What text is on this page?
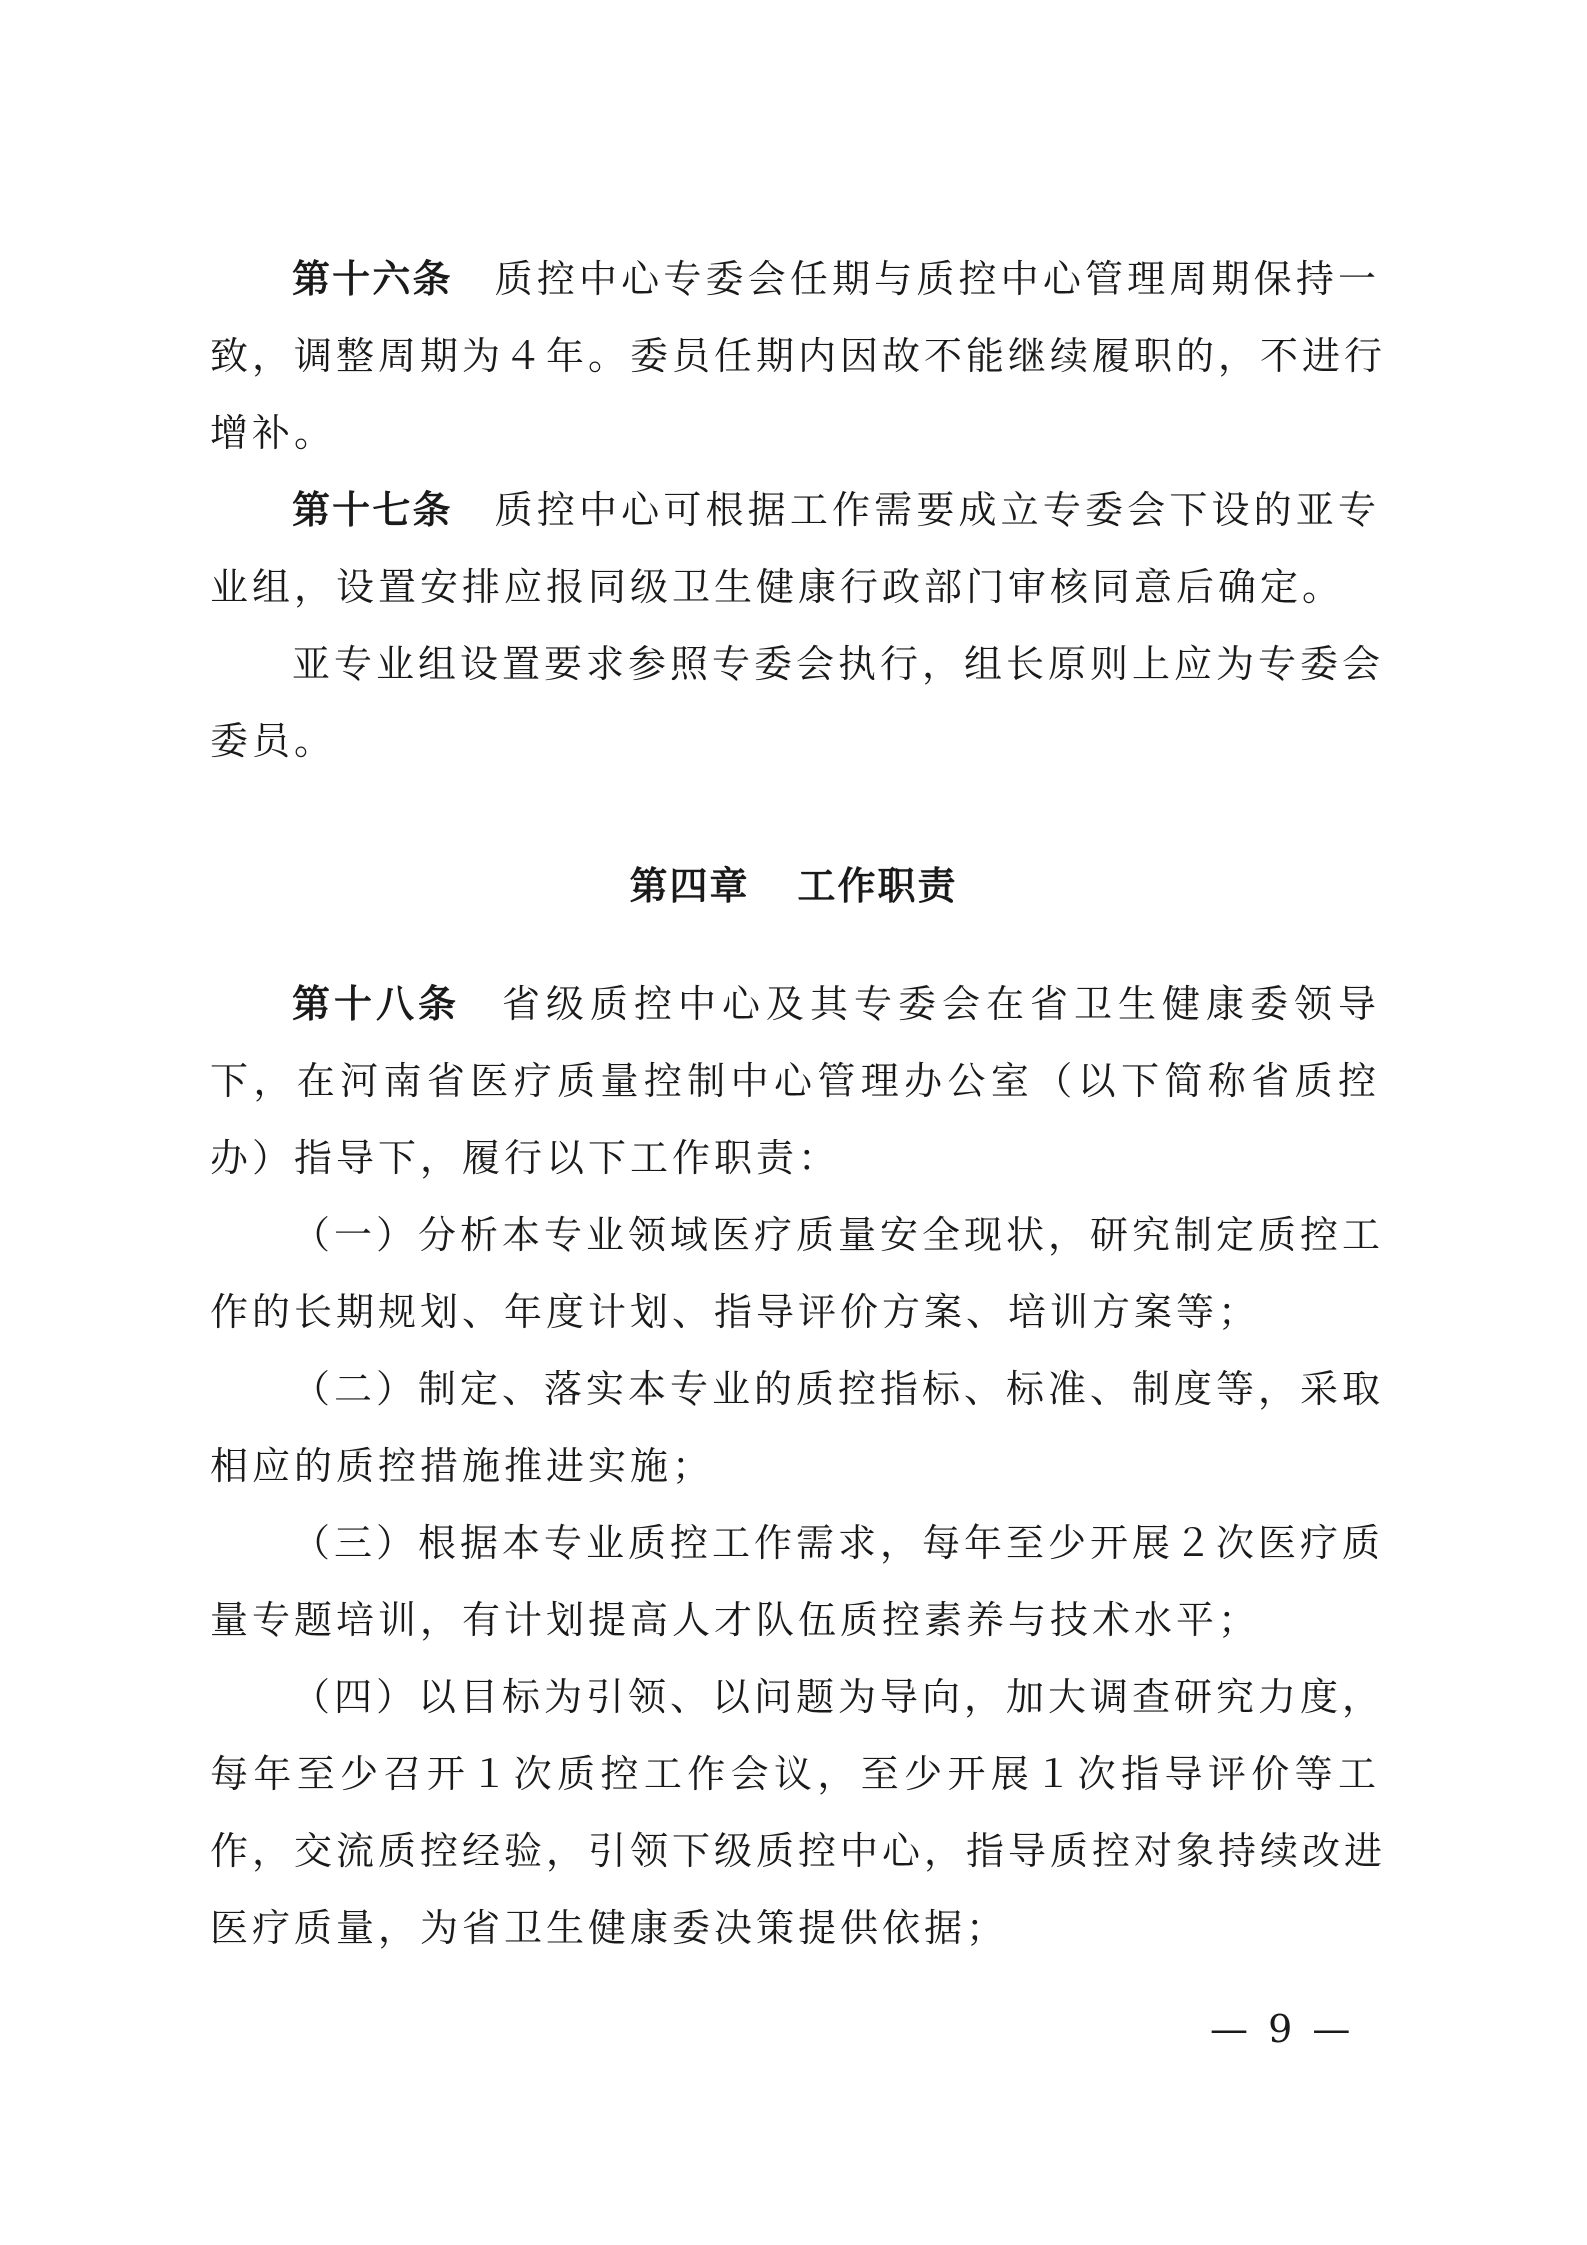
第十六条 质控中心专委会任期与质控中心管理周期保持一
致，调整周期为４年。委员任期内因故不能继续履职的，不进行
增补。
第十七条 质控中心可根据工作需要成立专委会下设的亚专
业组，设置安排应报同级卫生健康行政部门审核同意后确定。
亚专业组设置要求参照专委会执行，组长原则上应为专委会
委员。
第四章 工作职责
第十八条 省级质控中心及其专委会在省卫生健康委领导
下，在河南省医疗质量控制中心管理办公室（以下简称省质控
办）指导下，履行以下工作职责：
（一）分析本专业领域医疗质量安全现状，研究制定质控工
作的长期规划、年度计划、指导评价方案、培训方案等；
（二）制定、落实本专业的质控指标、标准、制度等，采取
相应的质控措施推进实施；
（三）根据本专业质控工作需求，每年至少开展２次医疗质
量专题培训，有计划提高人才队伍质控素养与技术水平；
（四）以目标为引领、以问题为导向，加大调查研究力度，
每年至少召开１次质控工作会议，至少开展１次指导评价等工
作，交流质控经验，引领下级质控中心，指导质控对象持续改进
医疗质量，为省卫生健康委决策提供依据；
— 9 —
